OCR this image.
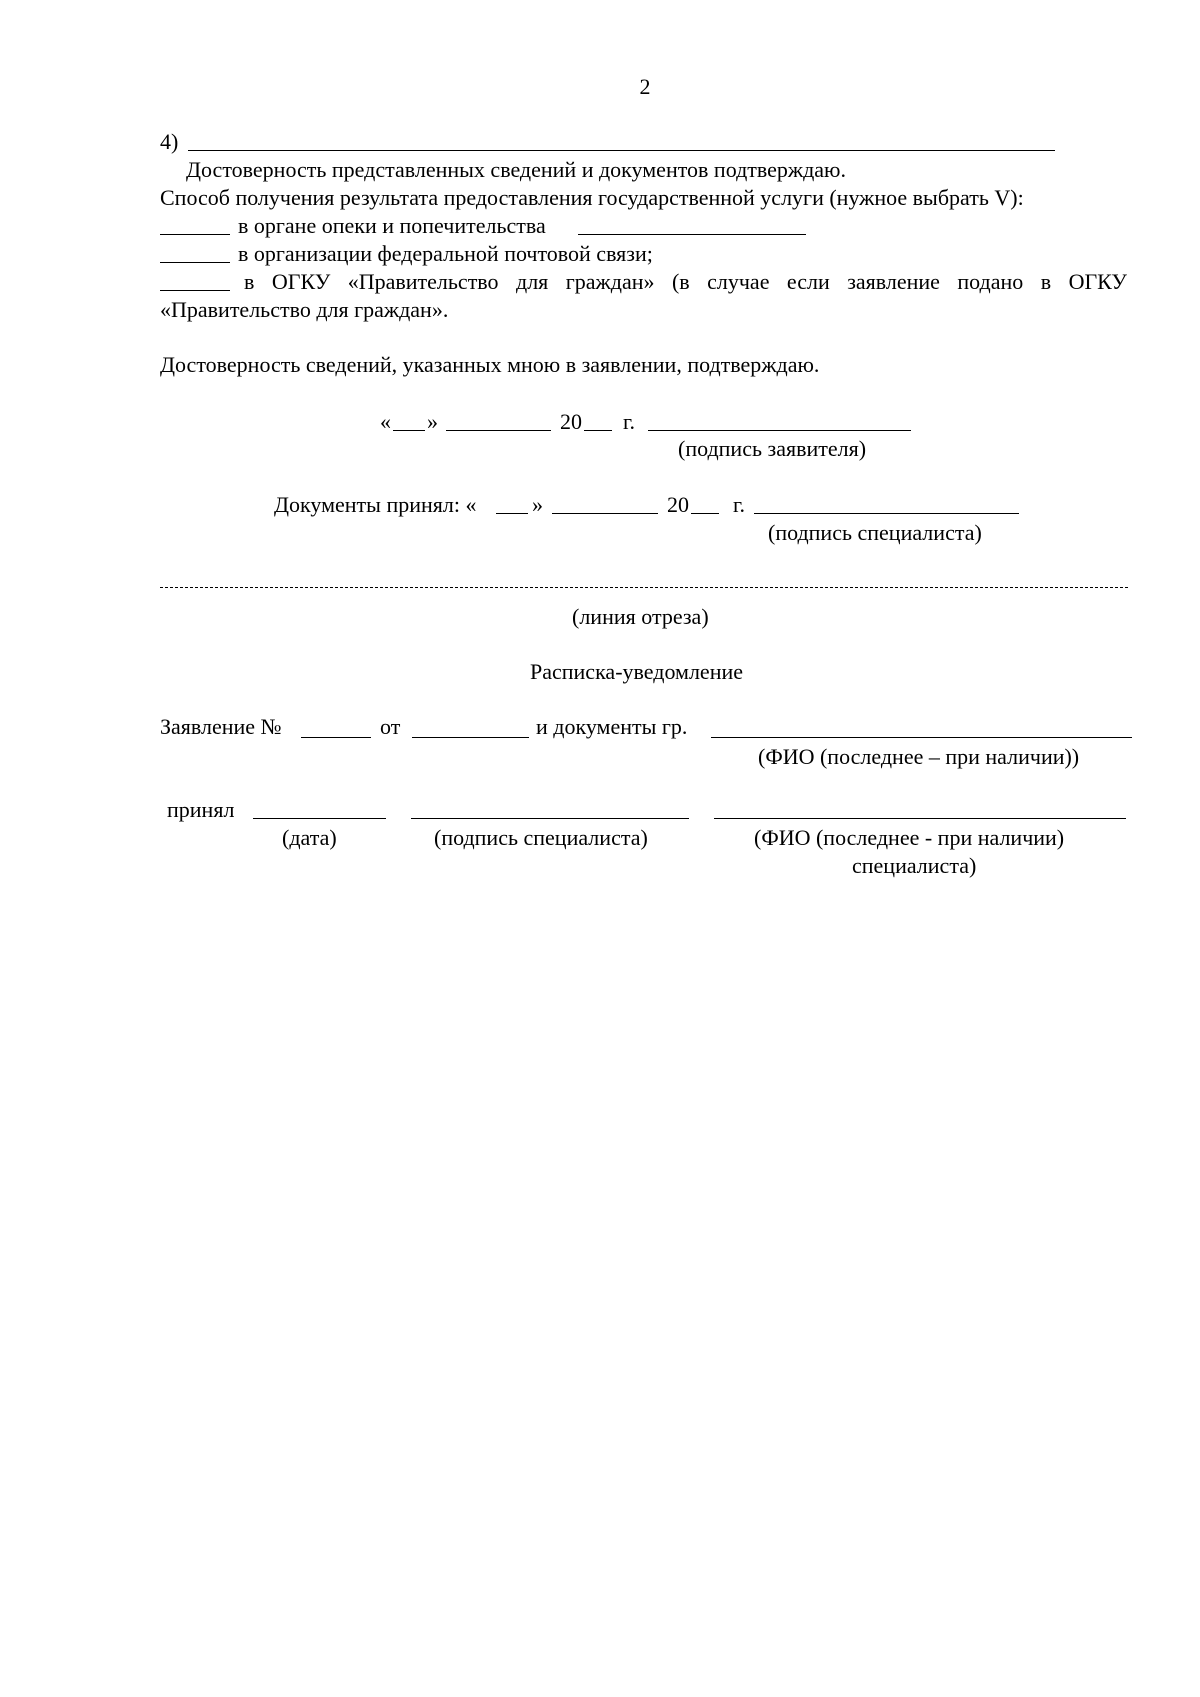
2
4)
Достоверность представленных сведений и документов подтверждаю.
Способ получения результата предоставления государственной услуги (нужное выбрать V):
в органе опеки и попечительства
в организации федеральной почтовой связи;
в ОГКУ «Правительство для граждан» (в случае если заявление подано в ОГКУ
«Правительство для граждан».
Достоверность сведений, указанных мною в заявлении, подтверждаю.
« »	20 г.
(подпись заявителя)
Документы принял: «	»	20 г.
(подпись специалиста)
(линия отреза)
Расписка-уведомление
Заявление №	от	и документы гр.
(ФИО (последнее – при наличии))
принял
(дата)	(подпись специалиста)	(ФИО (последнее - при наличии)
специалиста)
